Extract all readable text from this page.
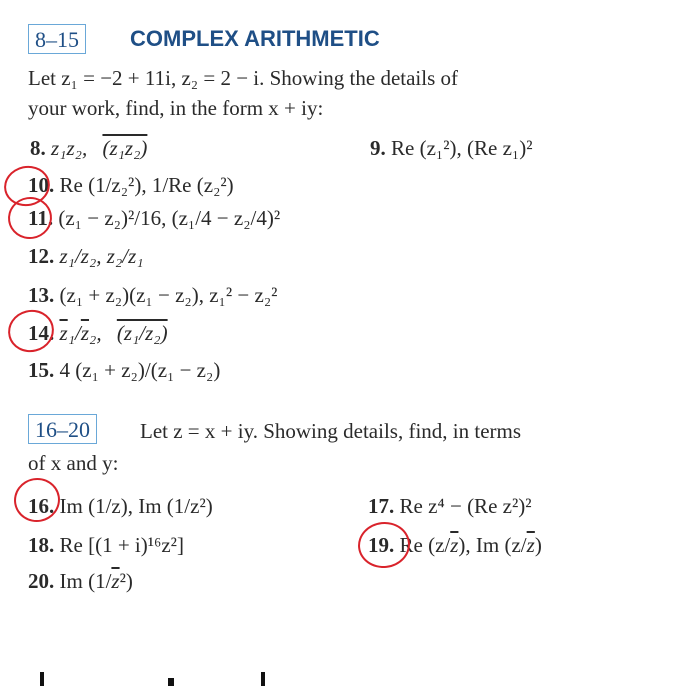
8–15	COMPLEX ARITHMETIC
Let z₁ = −2 + 11i, z₂ = 2 − i. Showing the details of
your work, find, in the form x + iy:
8. z₁z₂, (z₁z₂)	9. Re (z₁²), (Re z₁)²
10. Re (1/z₂²), 1/Re (z₂²)
11. (z₁ − z₂)²/16, (z₁/4 − z₂/4)²
12. z₁/z₂, z₂/z₁
13. (z₁ + z₂)(z₁ − z₂), z₁² − z₂²
14. $\overline{z}_1/\overline{z}_2$, (z₁/z₂)
15. 4 (z₁ + z₂)/(z₁ − z₂)
16–20	Let z = x + iy. Showing details, find, in terms
of x and y:
16. Im (1/z), Im (1/z²)	17. Re z⁴ − (Re z²)²
18. Re [(1 + i)¹⁶z²]	19. Re $(z/\overline{z})$, Im $(z/\overline{z})$
20. Im $(1/\overline{z}^2)$
